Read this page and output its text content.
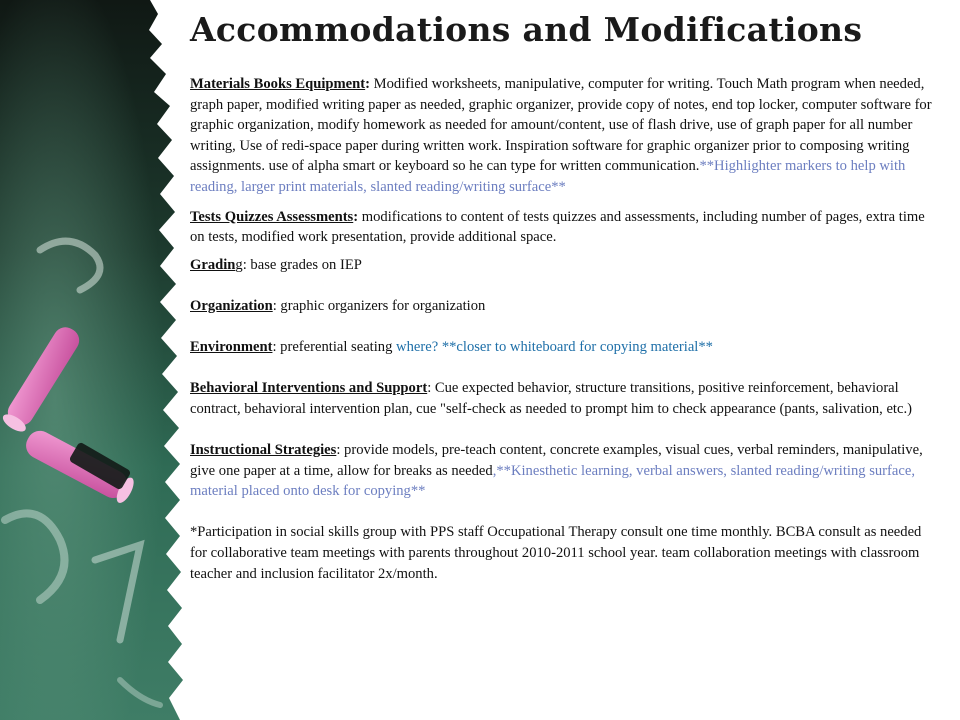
Accommodations and Modifications

Materials Books Equipment: Modified worksheets, manipulative, computer for writing. Touch Math program when needed, graph paper, modified writing paper as needed, graphic organizer, provide copy of notes, end top locker, computer software for graphic organization, modify homework as needed for amount/content, use of flash drive, use of graph paper for all number writing, Use of redi-space paper during written work. Inspiration software for graphic organizer prior to composing writing assignments. use of alpha smart or keyboard so he can type for written communication.**Highlighter markers to help with reading, larger print materials, slanted reading/writing surface**

Tests Quizzes Assessments: modifications to content of tests quizzes and assessments, including number of pages, extra time on tests, modified work presentation, provide additional space.

Grading: base grades on IEP

Organization: graphic organizers for organization

Environment: preferential seating where? **closer to whiteboard for copying material**

Behavioral Interventions and Support: Cue expected behavior, structure transitions, positive reinforcement, behavioral contract, behavioral intervention plan, cue "self-check as needed to prompt him to check appearance (pants, salivation, etc.)

Instructional Strategies: provide models, pre-teach content, concrete examples, visual cues, verbal reminders, manipulative, give one paper at a time, allow for breaks as needed,**Kinesthetic learning, verbal answers, slanted reading/writing surface, material placed onto desk for copying**

*Participation in social skills group with PPS staff Occupational Therapy consult one time monthly. BCBA consult as needed for collaborative team meetings with parents throughout 2010-2011 school year. team collaboration meetings with classroom teacher and inclusion facilitator 2x/month.
